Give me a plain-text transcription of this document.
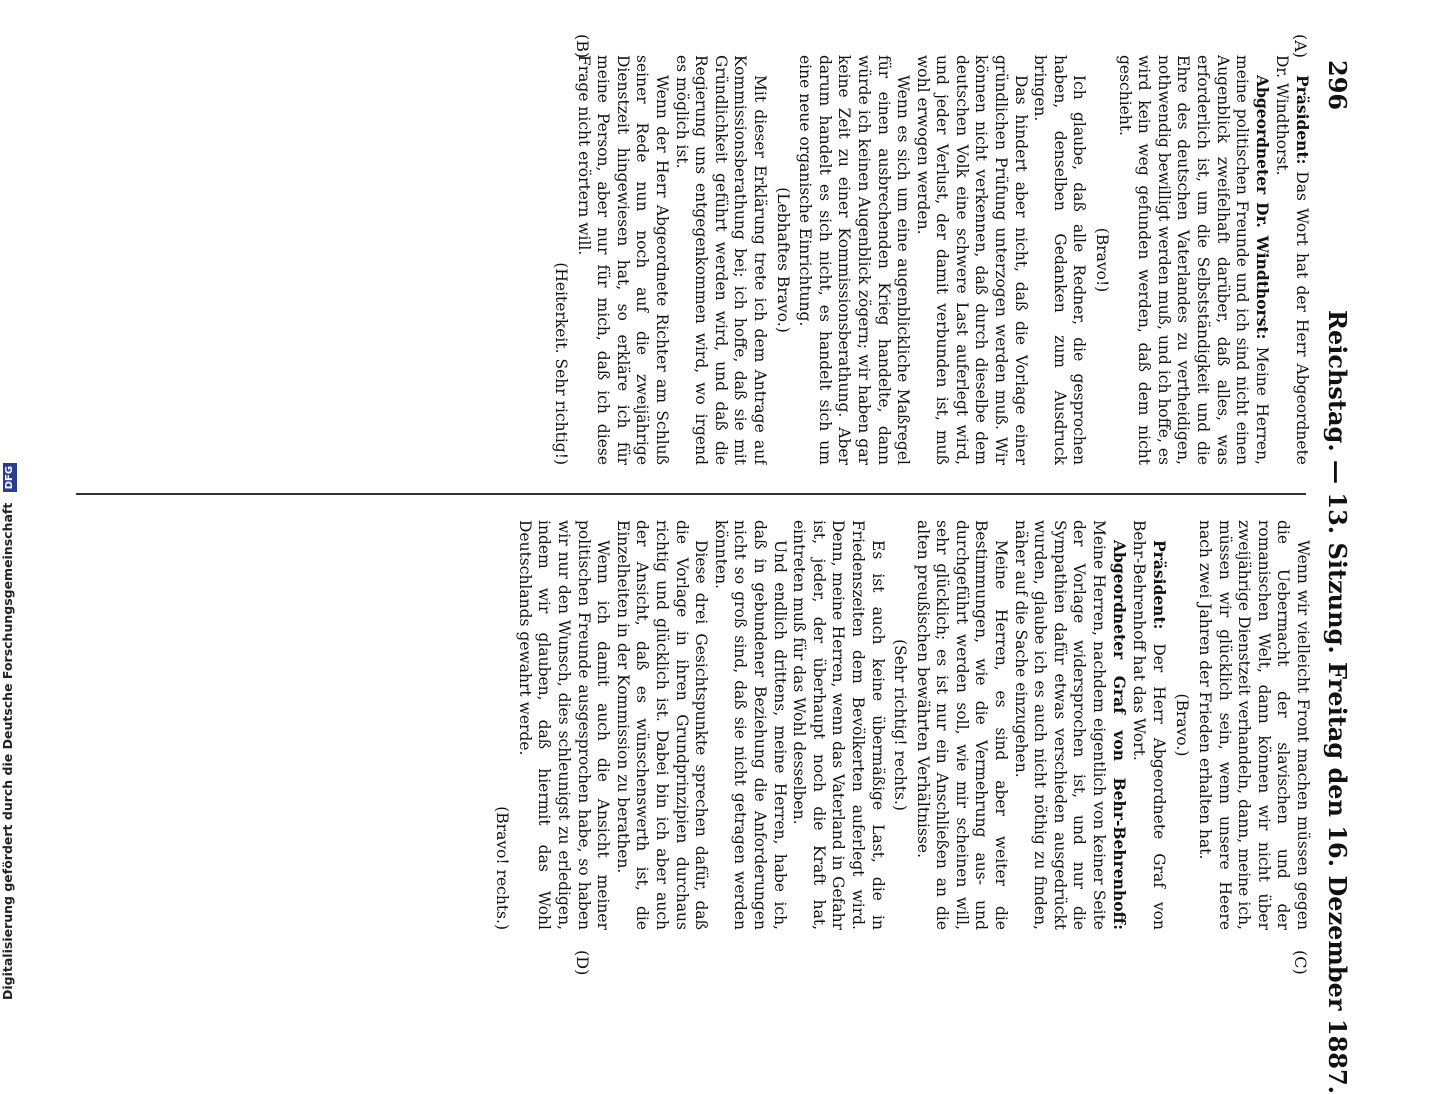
296
Reichstag. — 13. Sitzung. Freitag den 16. Dezember 1887.
(A)
(B)
(C)
(D)

Präsident: Das Wort hat der Herr Abgeordnete Dr. Windthorst.

Abgeordneter Dr. Windthorst: Meine Herren, meine politischen Freunde und ich sind nicht einen Augenblick zweifelhaft darüber, daß alles, was erforderlich ist, um die Selbstständigkeit und die Ehre des deutschen Vaterlandes zu vertheidigen, nothwendig bewilligt werden muß, und ich hoffe, es wird kein weg gefunden werden, daß dem nicht geschieht.

(Bravo!)

Ich glaube, daß alle Redner, die gesprochen haben, denselben Gedanken zum Ausdruck bringen.

Das hindert aber nicht, daß die Vorlage einer gründlichen Prüfung unterzogen werden muß. Wir können nicht verkennen, daß durch dieselbe dem deutschen Volk eine schwere Last auferlegt wird, und jeder Verlust, der damit verbunden ist, muß wohl erwogen werden.

Wenn es sich um eine augenblickliche Maßregel für einen ausbrechenden Krieg handelte, dann würde ich keinen Augenblick zögern; wir haben gar keine Zeit zu einer Kommissionsberathung. Aber darum handelt es sich nicht, es handelt sich um eine neue organische Einrichtung.

(Lebhaftes Bravo.)

Mit dieser Erklärung trete ich dem Antrage auf Kommissionsberathung bei; ich hoffe, daß sie mit Gründlichkeit geführt werden wird, und daß die Regierung uns entgegenkommen wird, wo irgend es möglich ist.

Wenn der Herr Abgeordnete Richter am Schluß seiner Rede nun noch auf die zweijährige Dienstzeit hingewiesen hat, so erkläre ich für meine Person, aber nur für mich, daß ich diese Frage nicht erörtern will.

(Heiterkeit. Sehr richtig!)

Wenn wir vielleicht Front machen müssen gegen die Uebermacht der slavischen und der romanischen Welt, dann können wir nicht über zweijährige Dienstzeit verhandeln, dann, meine ich, müssen wir glücklich sein, wenn unsere Heere nach zwei Jahren der Frieden erhalten hat.

(Bravo.)

Präsident: Der Herr Abgeordnete Graf von Behr-Behrenhoff hat das Wort.

Abgeordneter Graf von Behr-Behrenhoff: Meine Herren, nachdem eigentlich von keiner Seite der Vorlage widersprochen ist, und nur die Sympathien dafür etwas verschieden ausgedrückt wurden, glaube ich es auch nicht nöthig zu finden, näher auf die Sache einzugehen.

Meine Herren, es sind aber weiter die Bestimmungen, wie die Vermehrung aus- und durchgeführt werden soll, wie mir scheinen will, sehr glücklich; es ist nur ein Anschließen an die alten preußischen bewährten Verhältnisse.

(Sehr richtig! rechts.)

Es ist auch keine übermäßige Last, die in Friedenszeiten dem Bevölkerten auferlegt wird. Denn, meine Herren, wenn das Vaterland in Gefahr ist, jeder, der überhaupt noch die Kraft hat, eintreten muß für das Wohl desselben.

Und endlich drittens, meine Herren, habe ich, daß in gebundener Beziehung die Anforderungen nicht so groß sind, daß sie nicht getragen werden könnten.

Diese drei Gesichtspunkte sprechen dafür, daß die Vorlage in ihren Grundprinzipien durchaus richtig und glücklich ist. Dabei bin ich aber auch der Ansicht, daß es wünschenswerth ist, die Einzelheiten in der Kommission zu berathen.

Wenn ich damit auch die Ansicht meiner politischen Freunde ausgesprochen habe, so haben wir nur den Wunsch, dies schleunigst zu erledigen, indem wir glauben, daß hiermit das Wohl Deutschlands gewahrt werde.

(Bravo! rechts.)

Digitalisierung gefördert durch die Deutsche Forschungsgemeinschaft DFG
